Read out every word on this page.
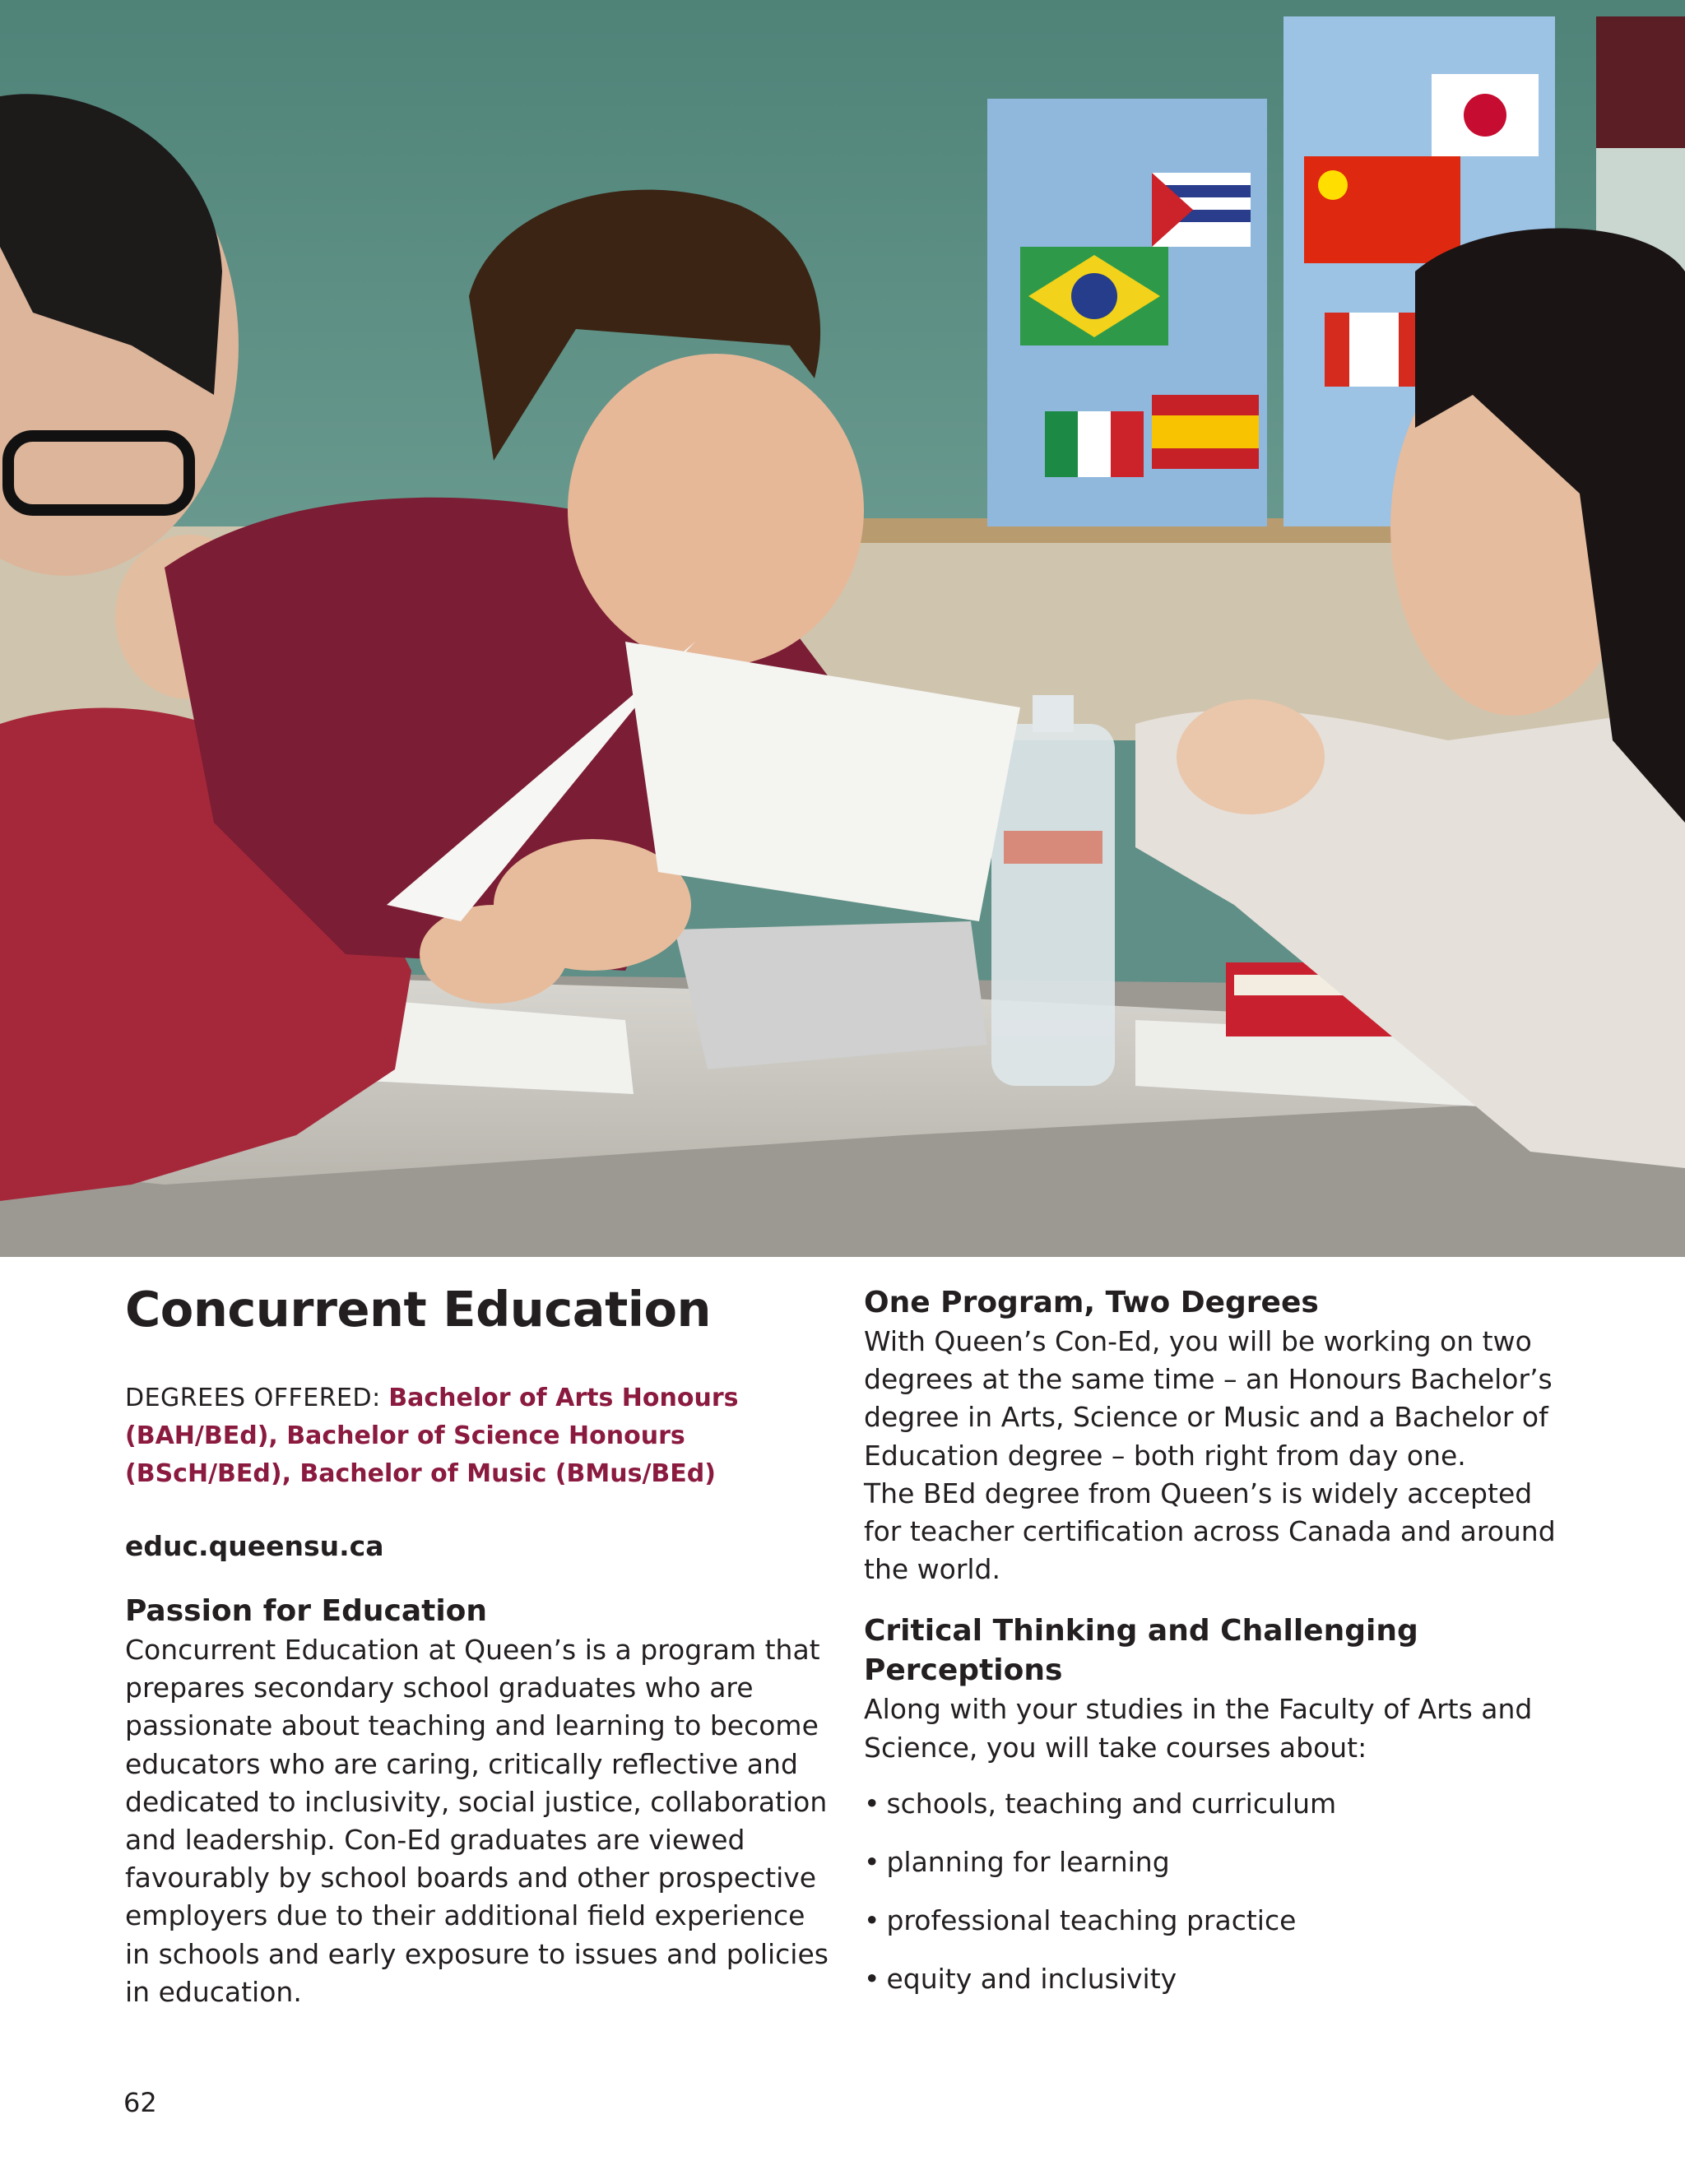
Concurrent Education
DEGREES OFFERED: Bachelor of Arts Honours (BAH/BEd), Bachelor of Science Honours (BScH/BEd), Bachelor of Music (BMus/BEd)
educ.queensu.ca
Passion for Education

Concurrent Education at Queen’s is a program that prepares secondary school graduates who are passionate about teaching and learning to become educators who are caring, critically reflective and dedicated to inclusivity, social justice, collaboration and leadership. Con-Ed graduates are viewed favourably by school boards and other prospective employers due to their additional field experience in schools and early exposure to issues and policies in education.

One Program, Two Degrees

With Queen’s Con-Ed, you will be working on two degrees at the same time – an Honours Bachelor’s degree in Arts, Science or Music and a Bachelor of Education degree – both right from day one.

The BEd degree from Queen’s is widely accepted for teacher certification across Canada and around the world.

Critical Thinking and Challenging Perceptions

Along with your studies in the Faculty of Arts and Science, you will take courses about:

• schools, teaching and curriculum
• planning for learning
• professional teaching practice
• equity and inclusivity
62
